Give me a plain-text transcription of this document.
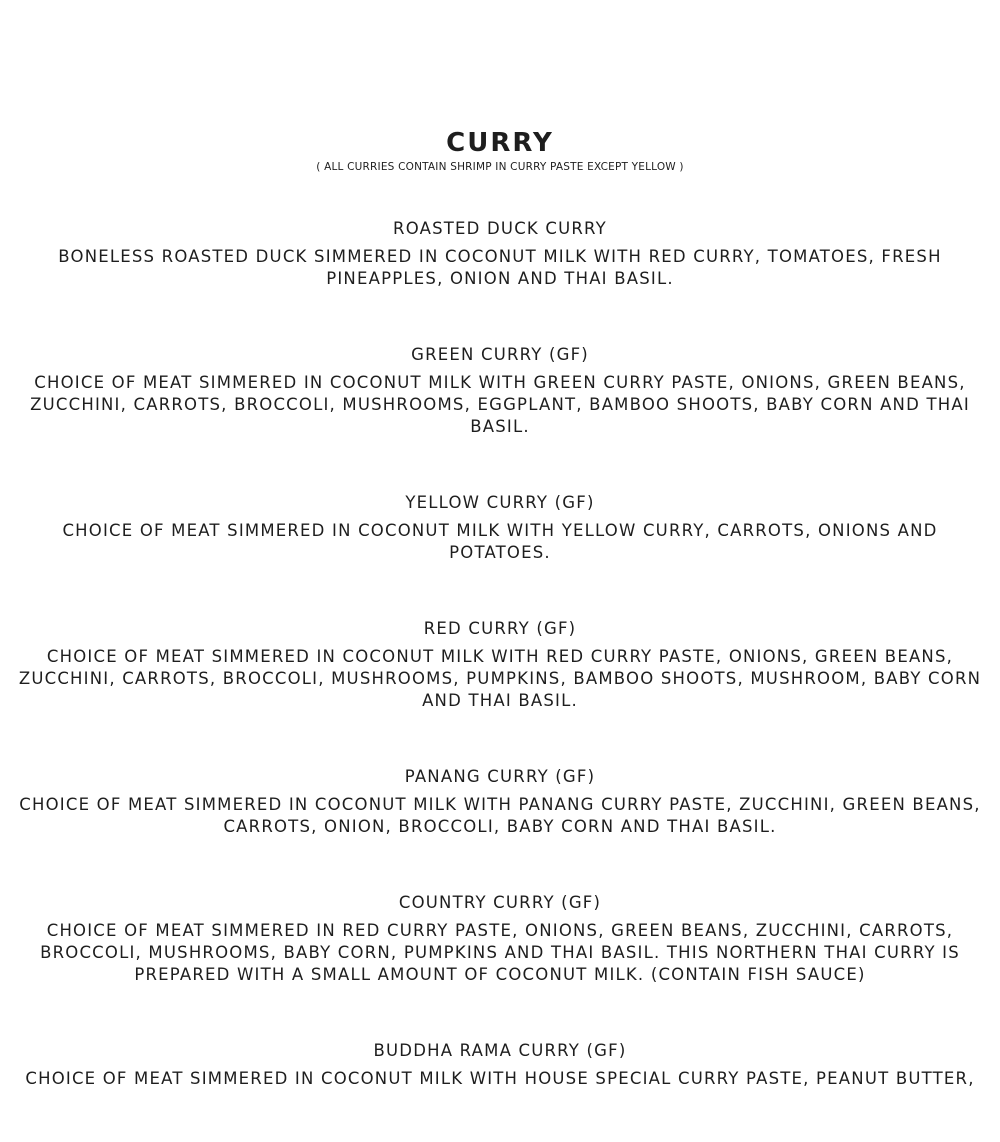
CURRY

( ALL CURRIES CONTAIN SHRIMP IN CURRY PASTE EXCEPT YELLOW )

ROASTED DUCK CURRY
BONELESS ROASTED DUCK SIMMERED IN COCONUT MILK WITH RED CURRY, TOMATOES, FRESH PINEAPPLES, ONION AND THAI BASIL.
GREEN CURRY (GF)
CHOICE OF MEAT SIMMERED IN COCONUT MILK WITH GREEN CURRY PASTE, ONIONS, GREEN BEANS, ZUCCHINI, CARROTS, BROCCOLI, MUSHROOMS, EGGPLANT, BAMBOO SHOOTS, BABY CORN AND THAI BASIL.
YELLOW CURRY (GF)
CHOICE OF MEAT SIMMERED IN COCONUT MILK WITH YELLOW CURRY, CARROTS, ONIONS AND POTATOES.
RED CURRY (GF)
CHOICE OF MEAT SIMMERED IN COCONUT MILK WITH RED CURRY PASTE, ONIONS, GREEN BEANS, ZUCCHINI, CARROTS, BROCCOLI, MUSHROOMS, PUMPKINS, BAMBOO SHOOTS, MUSHROOM, BABY CORN AND THAI BASIL.
PANANG CURRY (GF)
CHOICE OF MEAT SIMMERED IN COCONUT MILK WITH PANANG CURRY PASTE, ZUCCHINI, GREEN BEANS, CARROTS, ONION, BROCCOLI, BABY CORN AND THAI BASIL.
COUNTRY CURRY (GF)
CHOICE OF MEAT SIMMERED IN RED CURRY PASTE, ONIONS, GREEN BEANS, ZUCCHINI, CARROTS, BROCCOLI, MUSHROOMS, BABY CORN, PUMPKINS AND THAI BASIL. THIS NORTHERN THAI CURRY IS PREPARED WITH A SMALL AMOUNT OF COCONUT MILK. (CONTAIN FISH SAUCE)
BUDDHA RAMA CURRY (GF)
CHOICE OF MEAT SIMMERED IN COCONUT MILK WITH HOUSE SPECIAL CURRY PASTE, PEANUT BUTTER,
